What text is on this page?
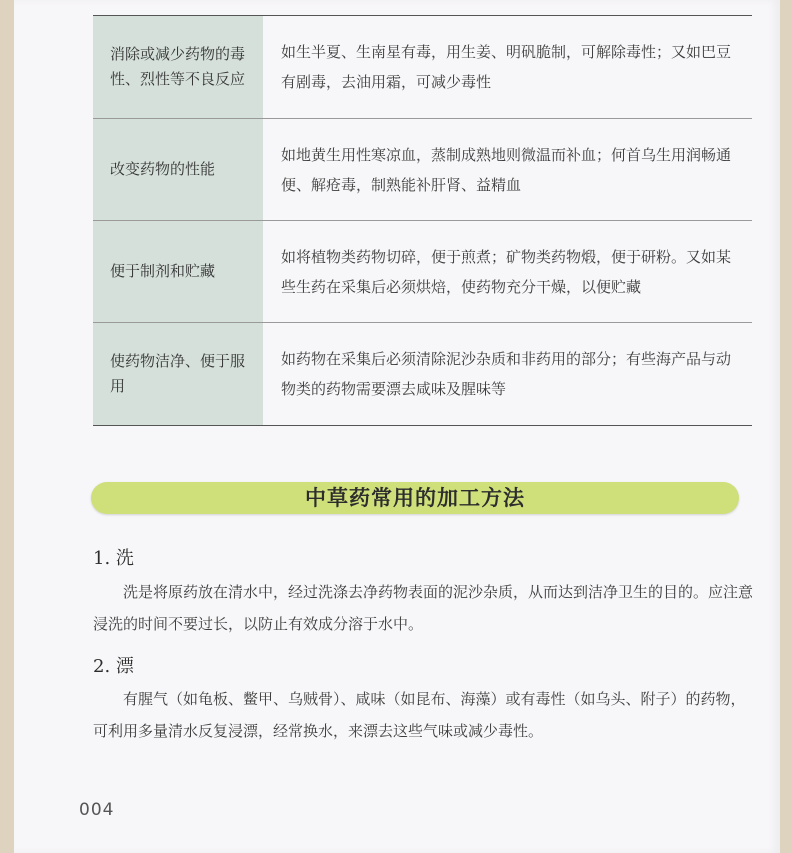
消除或减少药物的毒性、烈性等不良反应	如生半夏、生南星有毒，用生姜、明矾脆制，可解除毒性；又如巴豆有剧毒，去油用霜，可减少毒性
改变药物的性能	如地黄生用性寒凉血，蒸制成熟地则微温而补血；何首乌生用润畅通便、解疮毒，制熟能补肝肾、益精血
便于制剂和贮藏	如将植物类药物切碎，便于煎煮；矿物类药物煅，便于研粉。又如某些生药在采集后必须烘焙，使药物充分干燥，以便贮藏
使药物洁净、便于服用	如药物在采集后必须清除泥沙杂质和非药用的部分；有些海产品与动物类的药物需要漂去咸味及腥味等
中草药常用的加工方法
1. 洗
洗是将原药放在清水中，经过洗涤去净药物表面的泥沙杂质，从而达到洁净卫生的目的。应注意浸洗的时间不要过长，以防止有效成分溶于水中。
2. 漂
有腥气（如龟板、鳖甲、乌贼骨）、咸味（如昆布、海藻）或有毒性（如乌头、附子）的药物，可利用多量清水反复浸漂，经常换水，来漂去这些气味或减少毒性。
004
